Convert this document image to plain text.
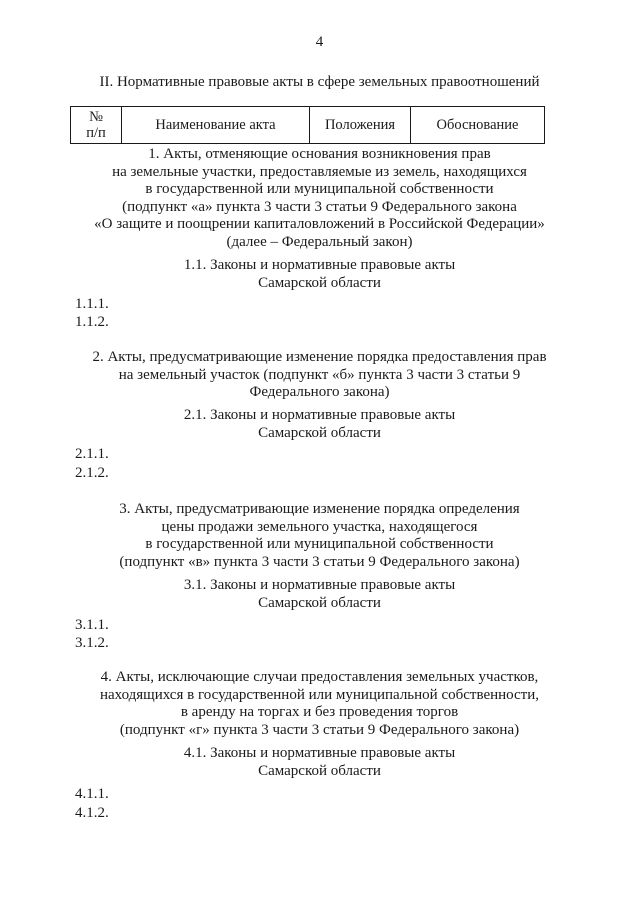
4
II. Нормативные правовые акты в сфере земельных правоотношений
№
п/п	Наименование акта	Положения	Обоснование
1. Акты, отменяющие основания возникновения прав
на земельные участки, предоставляемые из земель, находящихся
в государственной или муниципальной собственности
(подпункт «а» пункта 3 части 3 статьи 9 Федерального закона
«О защите и поощрении капиталовложений в Российской Федерации»
(далее – Федеральный закон)
1.1. Законы и нормативные правовые акты
Самарской области
1.1.1.
1.1.2.
2. Акты, предусматривающие изменение порядка предоставления прав
на земельный участок (подпункт «б» пункта 3 части 3 статьи 9
Федерального закона)
2.1. Законы и нормативные правовые акты
Самарской области
2.1.1.
2.1.2.
3. Акты, предусматривающие изменение порядка определения
цены продажи земельного участка, находящегося
в государственной или муниципальной собственности
(подпункт «в» пункта 3 части 3 статьи 9 Федерального закона)
3.1. Законы и нормативные правовые акты
Самарской области
3.1.1.
3.1.2.
4. Акты, исключающие случаи предоставления земельных участков,
находящихся в государственной или муниципальной собственности,
в аренду на торгах и без проведения торгов
(подпункт «г» пункта 3 части 3 статьи 9 Федерального закона)
4.1. Законы и нормативные правовые акты
Самарской области
4.1.1.
4.1.2.
